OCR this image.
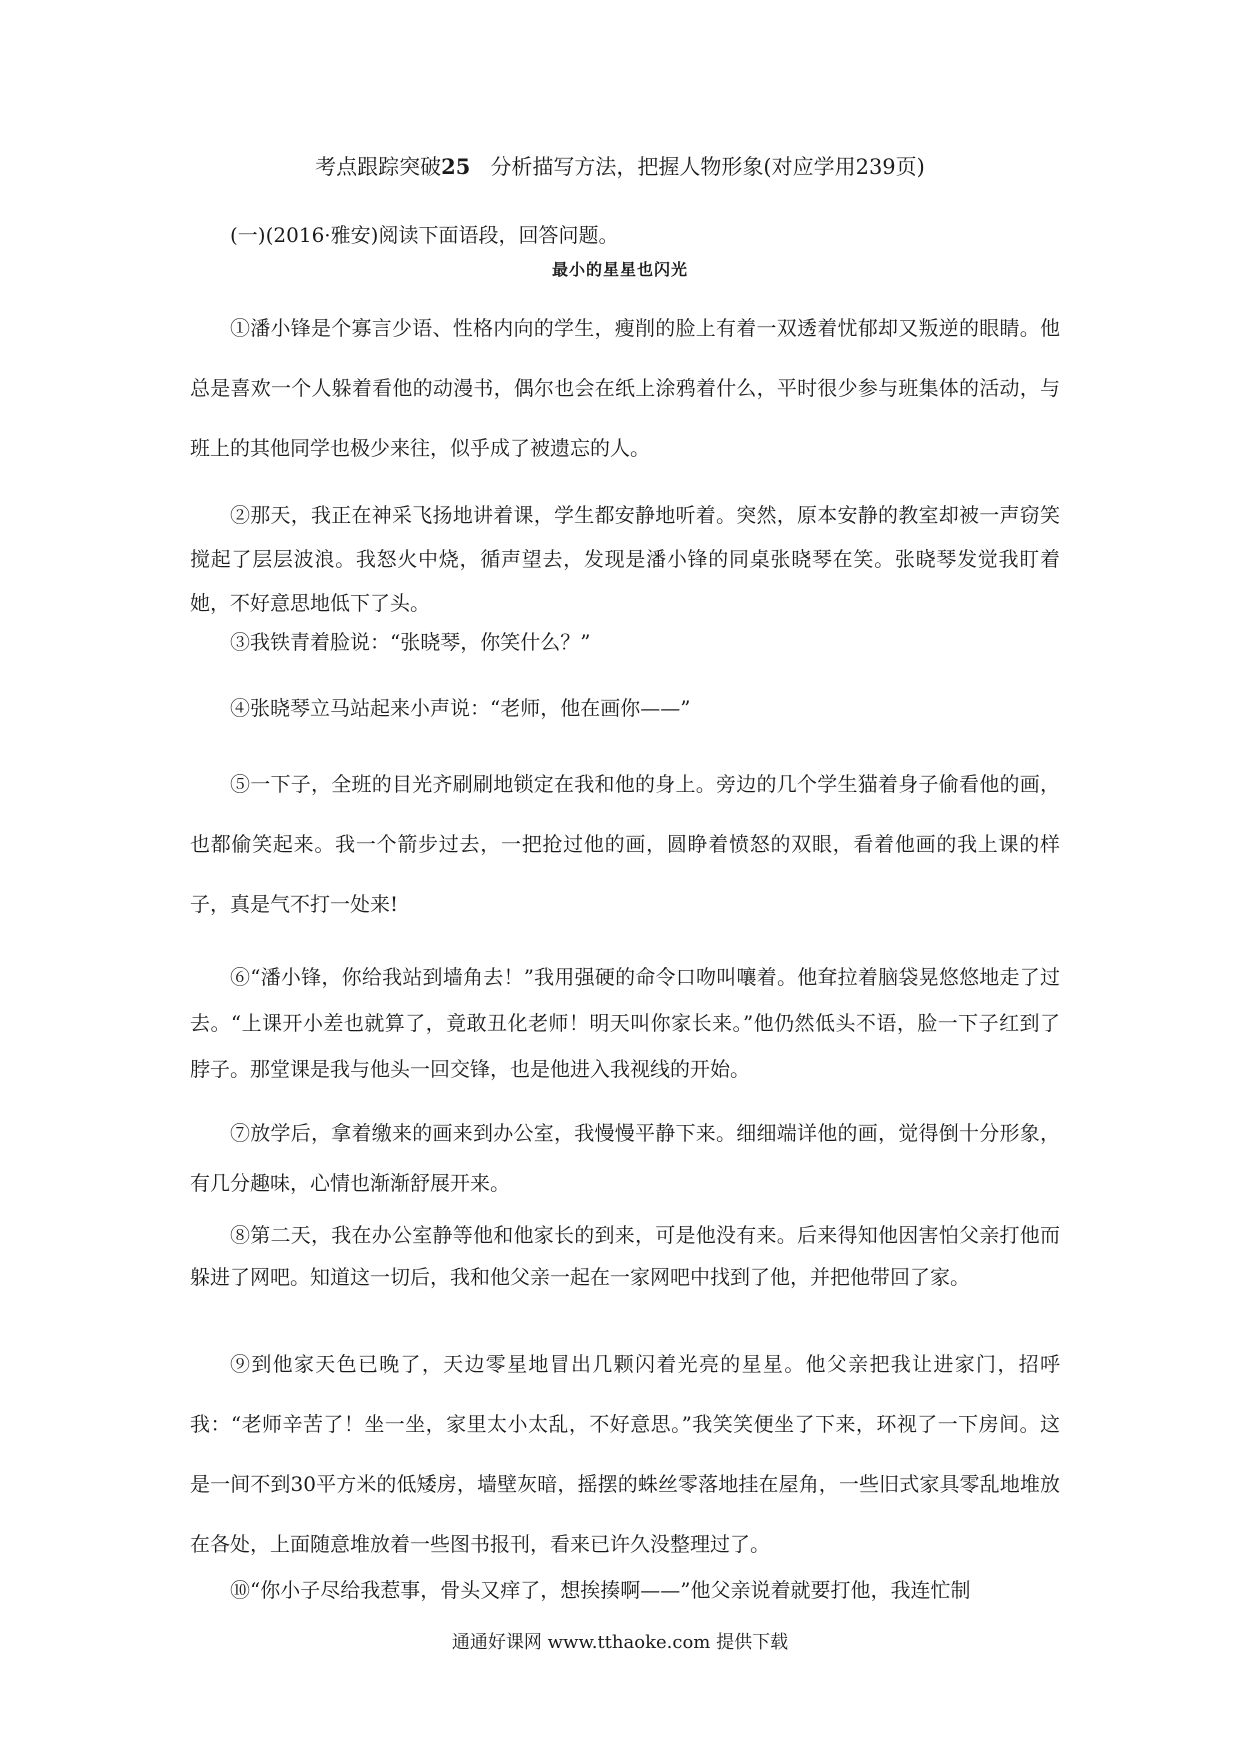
考点跟踪突破25 分析描写方法，把握人物形象(对应学用239页)
(一)(2016·雅安)阅读下面语段，回答问题。
最小的星星也闪光

①潘小锋是个寡言少语、性格内向的学生，瘦削的脸上有着一双透着忧郁却又叛逆的眼睛。他总是喜欢一个人躲着看他的动漫书，偶尔也会在纸上涂鸦着什么，平时很少参与班集体的活动，与班上的其他同学也极少来往，似乎成了被遗忘的人。

②那天，我正在神采飞扬地讲着课，学生都安静地听着。突然，原本安静的教室却被一声窃笑搅起了层层波浪。我怒火中烧，循声望去，发现是潘小锋的同桌张晓琴在笑。张晓琴发觉我盯着她，不好意思地低下了头。

③我铁青着脸说：“张晓琴，你笑什么？”

④张晓琴立马站起来小声说：“老师，他在画你——”

⑤一下子，全班的目光齐刷刷地锁定在我和他的身上。旁边的几个学生猫着身子偷看他的画，也都偷笑起来。我一个箭步过去，一把抢过他的画，圆睁着愤怒的双眼，看着他画的我上课的样子，真是气不打一处来!

⑥“潘小锋，你给我站到墙角去！”我用强硬的命令口吻叫嚷着。他耷拉着脑袋晃悠悠地走了过去。“上课开小差也就算了，竟敢丑化老师！明天叫你家长来。”他仍然低头不语，脸一下子红到了脖子。那堂课是我与他头一回交锋，也是他进入我视线的开始。

⑦放学后，拿着缴来的画来到办公室，我慢慢平静下来。细细端详他的画，觉得倒十分形象，有几分趣味，心情也渐渐舒展开来。

⑧第二天，我在办公室静等他和他家长的到来，可是他没有来。后来得知他因害怕父亲打他而躲进了网吧。知道这一切后，我和他父亲一起在一家网吧中找到了他，并把他带回了家。

⑨到他家天色已晚了，天边零星地冒出几颗闪着光亮的星星。他父亲把我让进家门，招呼我：“老师辛苦了！坐一坐，家里太小太乱，不好意思。”我笑笑便坐了下来，环视了一下房间。这是一间不到30平方米的低矮房，墙壁灰暗，摇摆的蛛丝零落地挂在屋角，一些旧式家具零乱地堆放在各处，上面随意堆放着一些图书报刊，看来已许久没整理过了。

⑩“你小子尽给我惹事，骨头又痒了，想挨揍啊——”他父亲说着就要打他，我连忙制

通通好课网 www.tthaoke.com 提供下载
